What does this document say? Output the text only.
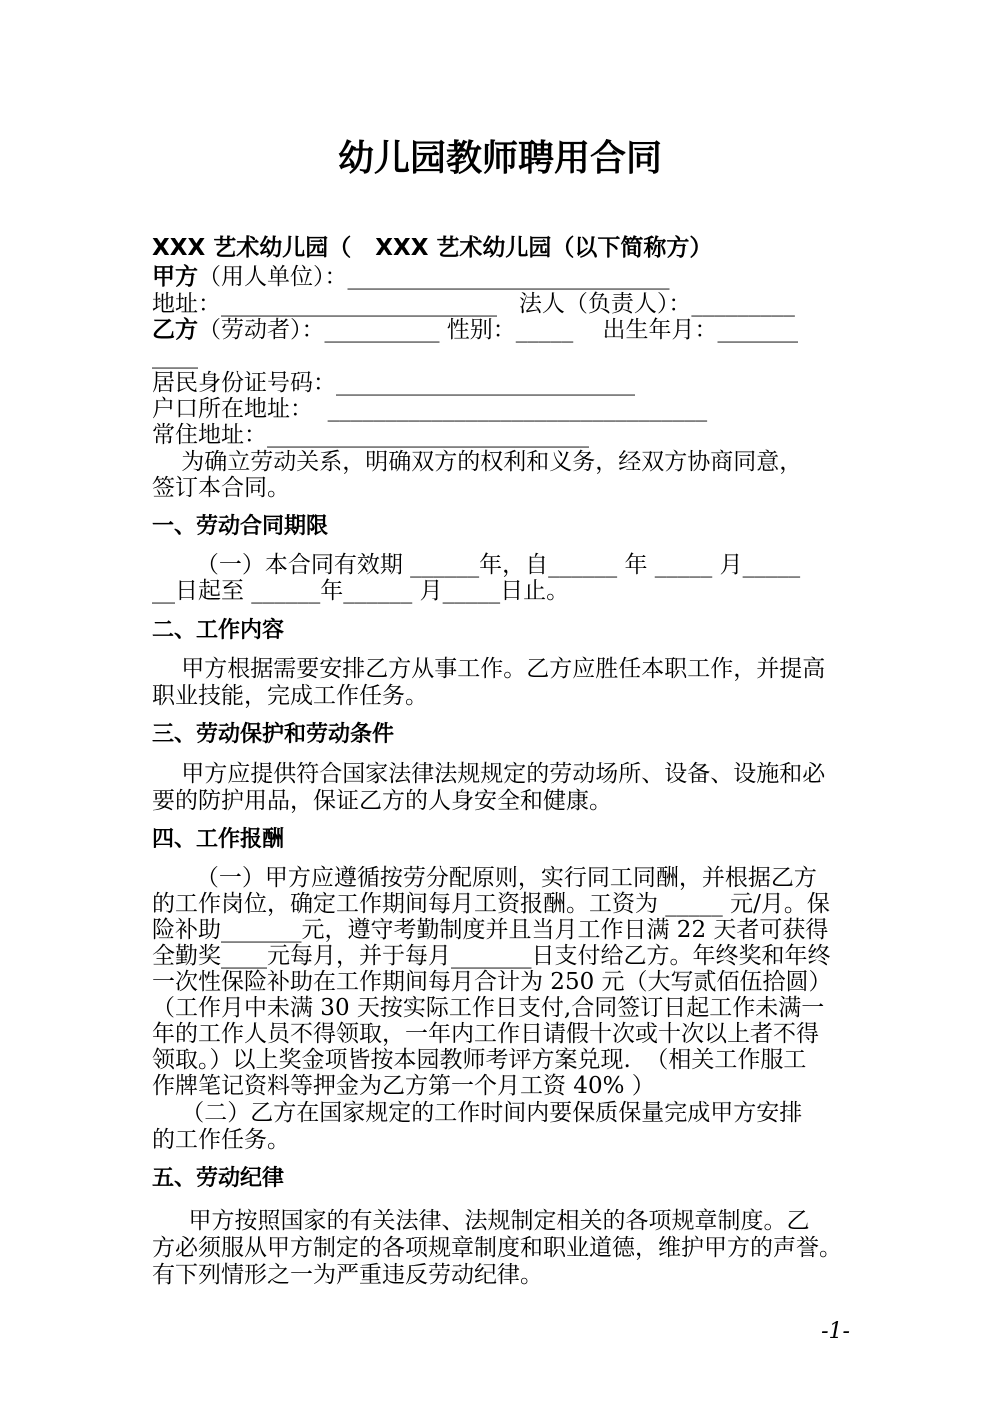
幼儿园教师聘用合同
XXX 艺术幼儿园（   XXX 艺术幼儿园（以下简称方）
甲方（用人单位）：____________________________
地址：________________________   法人（负责人）：_________
乙方（劳动者）：__________ 性别：_____    出生年月：_______
____
居民身份证号码：__________________________
户口所在地址：  _________________________________
常住地址：____________________________
为确立劳动关系，明确双方的权利和义务，经双方协商同意，
签订本合同。
一、劳动合同期限
（一）本合同有效期 ______年，自______ 年 _____ 月_____
__日起至 ______年______ 月_____日止。
二、工作内容
甲方根据需要安排乙方从事工作。乙方应胜任本职工作，并提高
职业技能，完成工作任务。
三、劳动保护和劳动条件
甲方应提供符合国家法律法规规定的劳动场所、设备、设施和必
要的防护用品，保证乙方的人身安全和健康。
四、工作报酬
（一）甲方应遵循按劳分配原则，实行同工同酬，并根据乙方
的工作岗位，确定工作期间每月工资报酬。工资为 _____ 元/月。保
险补助_______元，遵守考勤制度并且当月工作日满 22 天者可获得
全勤奖____元每月，并于每月_______日支付给乙方。年终奖和年终
一次性保险补助在工作期间每月合计为 250 元（大写贰佰伍拾圆）
（工作月中未满 30 天按实际工作日支付,合同签订日起工作未满一
年的工作人员不得领取，一年内工作日请假十次或十次以上者不得
领取。）以上奖金项皆按本园教师考评方案兑现.  （相关工作服工
作牌笔记资料等押金为乙方第一个月工资 40% ）
（二）乙方在国家规定的工作时间内要保质保量完成甲方安排
的工作任务。
五、劳动纪律
甲方按照国家的有关法律、法规制定相关的各项规章制度。乙
方必须服从甲方制定的各项规章制度和职业道德，维护甲方的声誉。
有下列情形之一为严重违反劳动纪律。
-1-
